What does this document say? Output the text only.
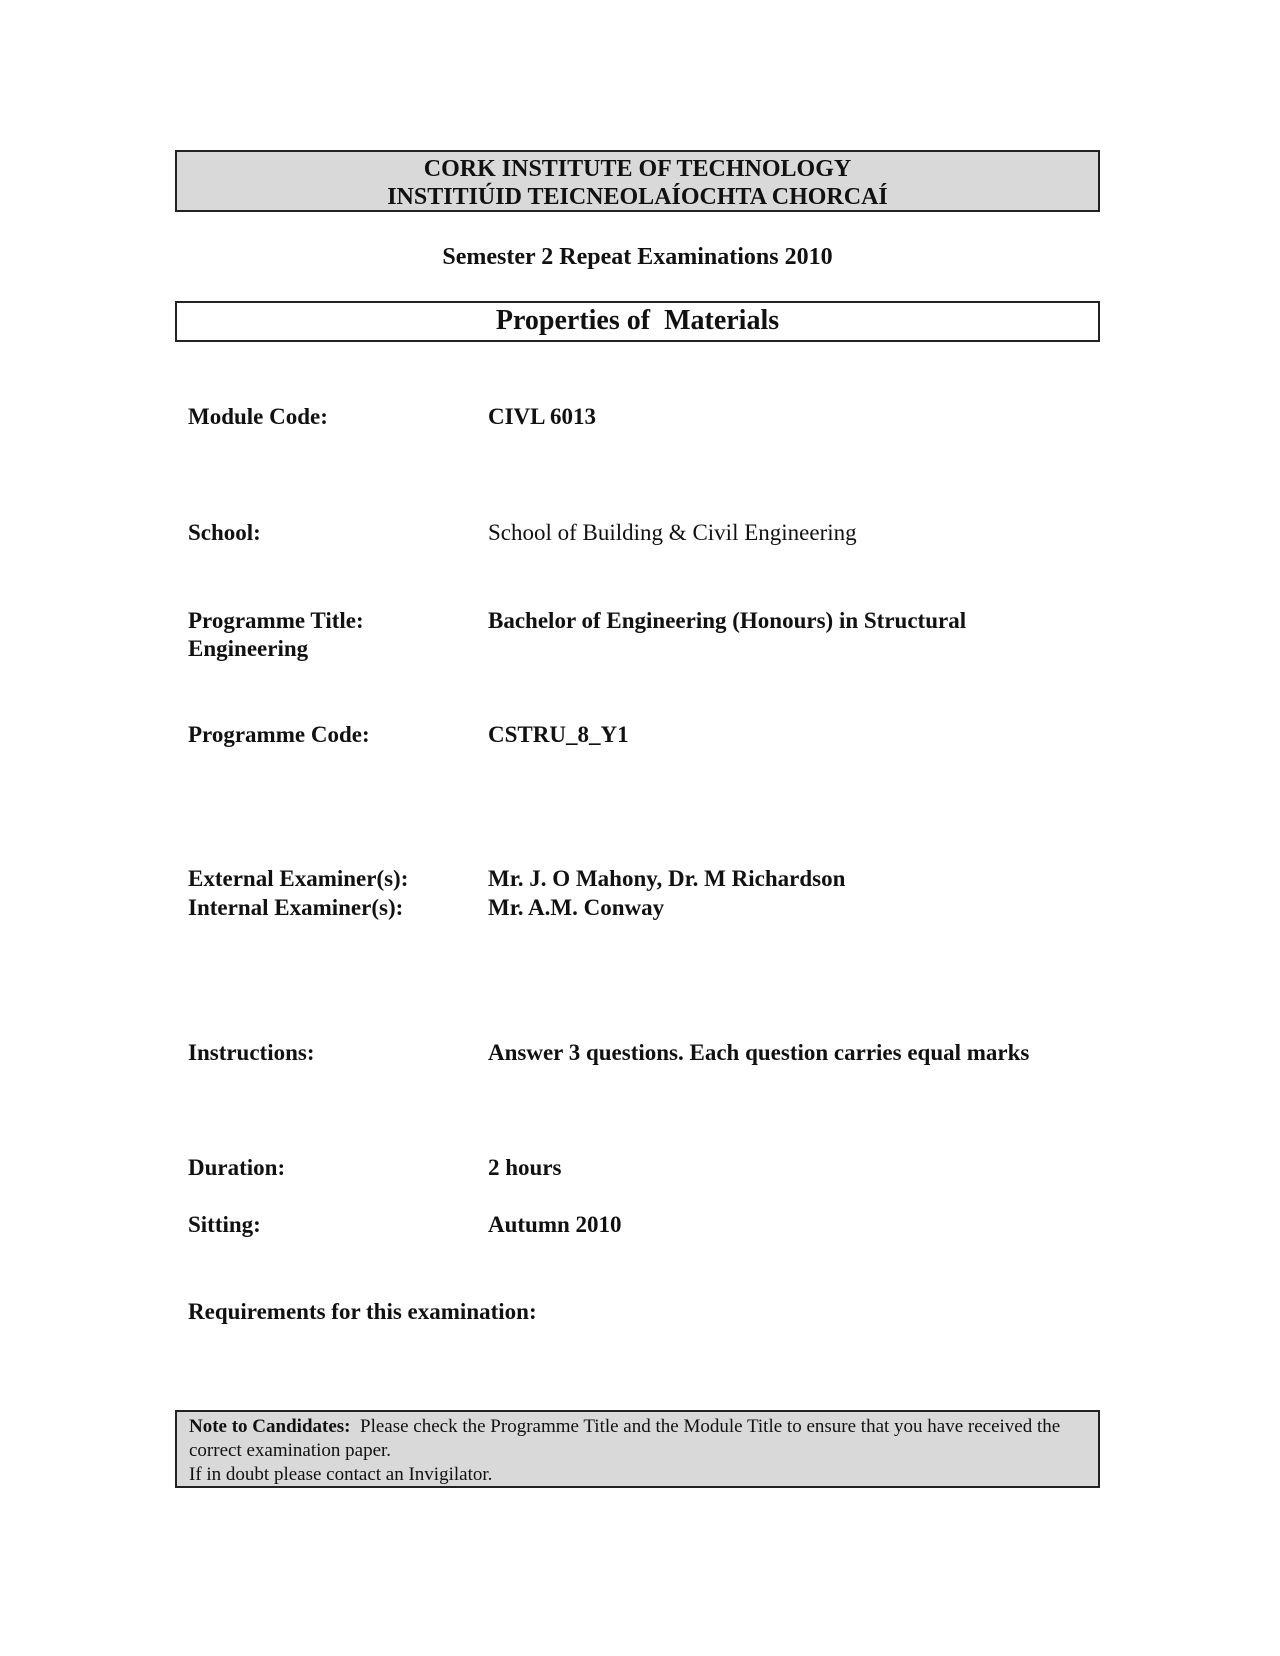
CORK INSTITUTE OF TECHNOLOGY
INSTITIÚID TEICNEOLAÍOCHTA CHORCAÍ
Semester 2 Repeat Examinations 2010
Properties of  Materials
Module Code:	CIVL 6013
School:	School of Building & Civil Engineering
Programme Title:	Bachelor of Engineering (Honours) in Structural
Engineering
Programme Code:	CSTRU_8_Y1
External Examiner(s):	Mr. J. O Mahony, Dr. M Richardson
Internal Examiner(s):	Mr. A.M. Conway
Instructions:	Answer 3 questions. Each question carries equal marks
Duration:	2 hours
Sitting:	Autumn 2010
Requirements for this examination:
Note to Candidates: Please check the Programme Title and the Module Title to ensure that you have received the correct examination paper.
If in doubt please contact an Invigilator.
